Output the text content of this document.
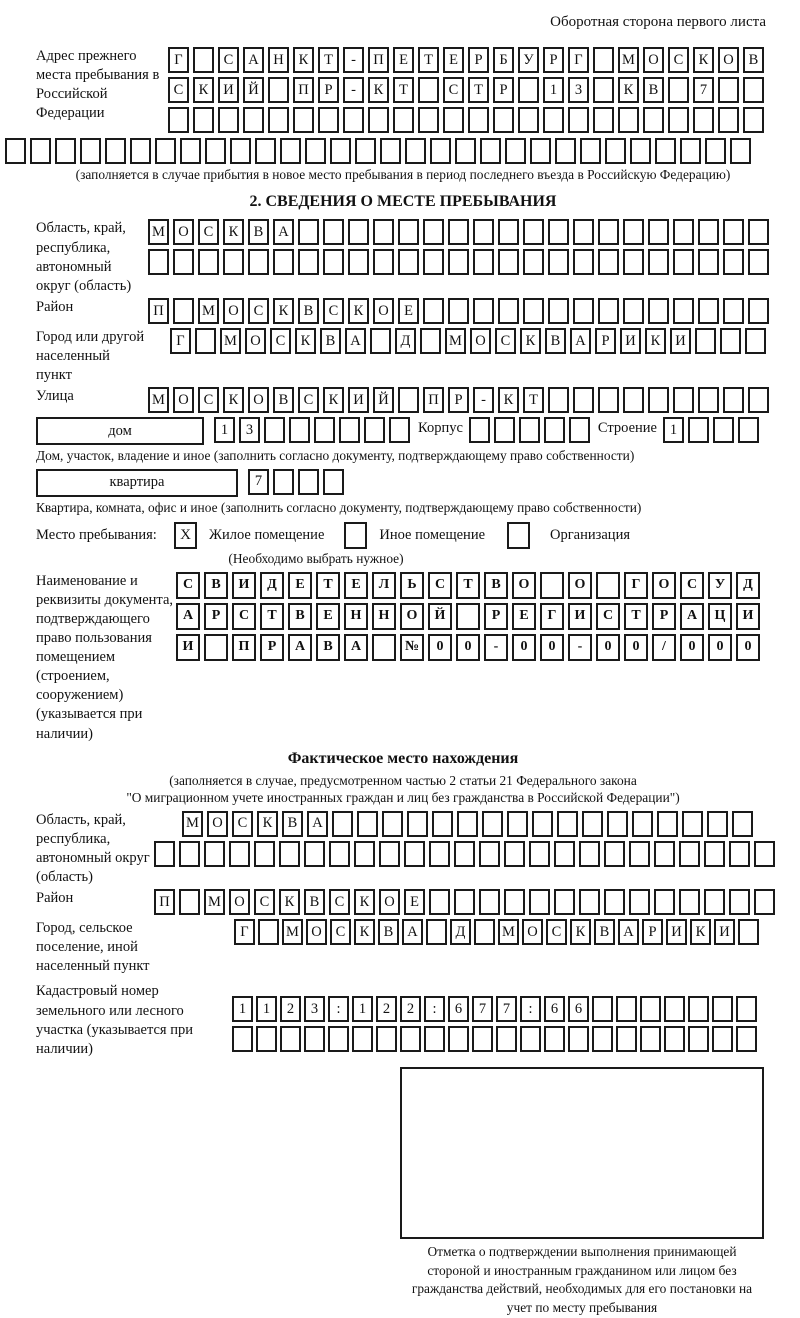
Оборотная сторона первого листа
Адрес прежнего места пребывания в Российской Федерации
Г	С	А	Н	К	Т	-	П	Е	Т	Е	Р	Б	У	Р	Г	М О	С	К	О	В
С	К	И	Й	П	Р	-	К	Т	С	Т	Р	1	3	К	В	7
(заполняется в случае прибытия в новое место пребывания в период последнего въезда в Российскую Федерацию)
2. СВЕДЕНИЯ О МЕСТЕ ПРЕБЫВАНИЯ
Область, край, республика, автономный округ (область)
М О	С	К	В	А
Район	П	М О	С	К	В	С	К	О	Е
Город или другой населенный пункт
Г	М О	С	К	В	А	Д	М О	С	К	В	А	Р	И	К	И
Улица	М О	С	К	О	В	С	К	И	Й	П	Р	-	К	Т
дом	1	3	Корпус	Строение 1
Дом, участок, владение и иное (заполнить согласно документу, подтверждающему право собственности)
квартира	7
Квартира, комната, офис и иное (заполнить согласно документу, подтверждающему право собственности)
Место пребывания:	X	Жилое помещение	Иное помещение	Организация
(Необходимо выбрать нужное)
Наименование и реквизиты документа, подтверждающего право пользования помещением (строением, сооружением) (указывается при наличии)
С	В	И	Д	Е	Т	Е	Л	Ь	С	Т	В	О	О	Г	О	С	У	Д
А	Р	С	Т	В	Е	Н	Н	О	Й	Р	Е	Г	И	С	Т	Р	А	Ц	И
И	П	Р	А	В	А	№	0	0	-	0	0	-	0	0	/	0	0	0
Фактическое место нахождения
(заполняется в случае, предусмотренном частью 2 статьи 21 Федерального закона
"О миграционном учете иностранных граждан и лиц без гражданства в Российской Федерации")
Область, край, республика, автономный округ (область)
М О	С	К	В	А
Район	П	М О	С	К	В	С	К	О	Е
Город, сельское поселение, иной населенный пункт
Г	М О С К В А	Д	М О С К В А	Р	И К И
Кадастровый номер земельного или лесного участка (указывается при наличии)
1	1	2	3	:	1	2	2	:	6	7	7	:	6	6
Отметка о подтверждении выполнения принимающей стороной и иностранным гражданином или лицом без гражданства действий, необходимых для его постановки на учет по месту пребывания
